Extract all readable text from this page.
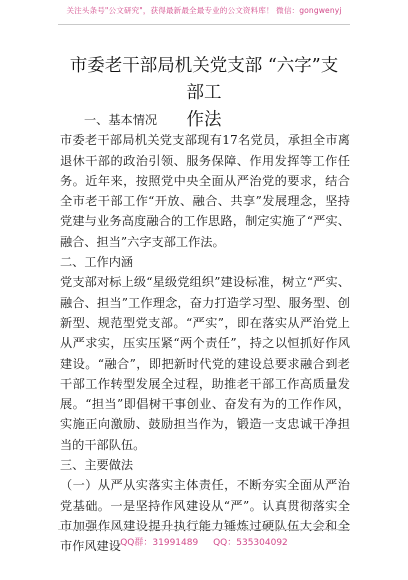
关注头条号"公文研究"，获得最新最全最专业的公文资料库！ 微信：gongwenyj
市委老干部局机关党支部 “六字”支部工
作法

一、基本情况

市委老干部局机关党支部现有17名党员，承担全市离退休干部的政治引领、服务保障、作用发挥等工作任务。近年来，按照党中央全面从严治党的要求，结合全市老干部工作“开放、融合、共享”发展理念，坚持党建与业务高度融合的工作思路，制定实施了“严实、融合、担当”六字支部工作法。

二、工作内涵

党支部对标上级“星级党组织”建设标准，树立“严实、融合、担当”工作理念，奋力打造学习型、服务型、创新型、规范型党支部。“严实”，即在落实从严治党上从严求实，压实压紧“两个责任”，持之以恒抓好作风建设。“融合”，即把新时代党的建设总要求融合到老干部工作转型发展全过程，助推老干部工作高质量发展。“担当”即倡树干事创业、奋发有为的工作作风，实施正向激励、鼓励担当作为，锻造一支忠诚干净担当的干部队伍。

三、主要做法

（一）从严从实落实主体责任，不断夯实全面从严治党基础。一是坚持作风建设从“严”。认真贯彻落实全市加强作风建设提升执行能力锤炼过硬队伍大会和全市作风建设 QQ群：31991489 QQ：535304092
